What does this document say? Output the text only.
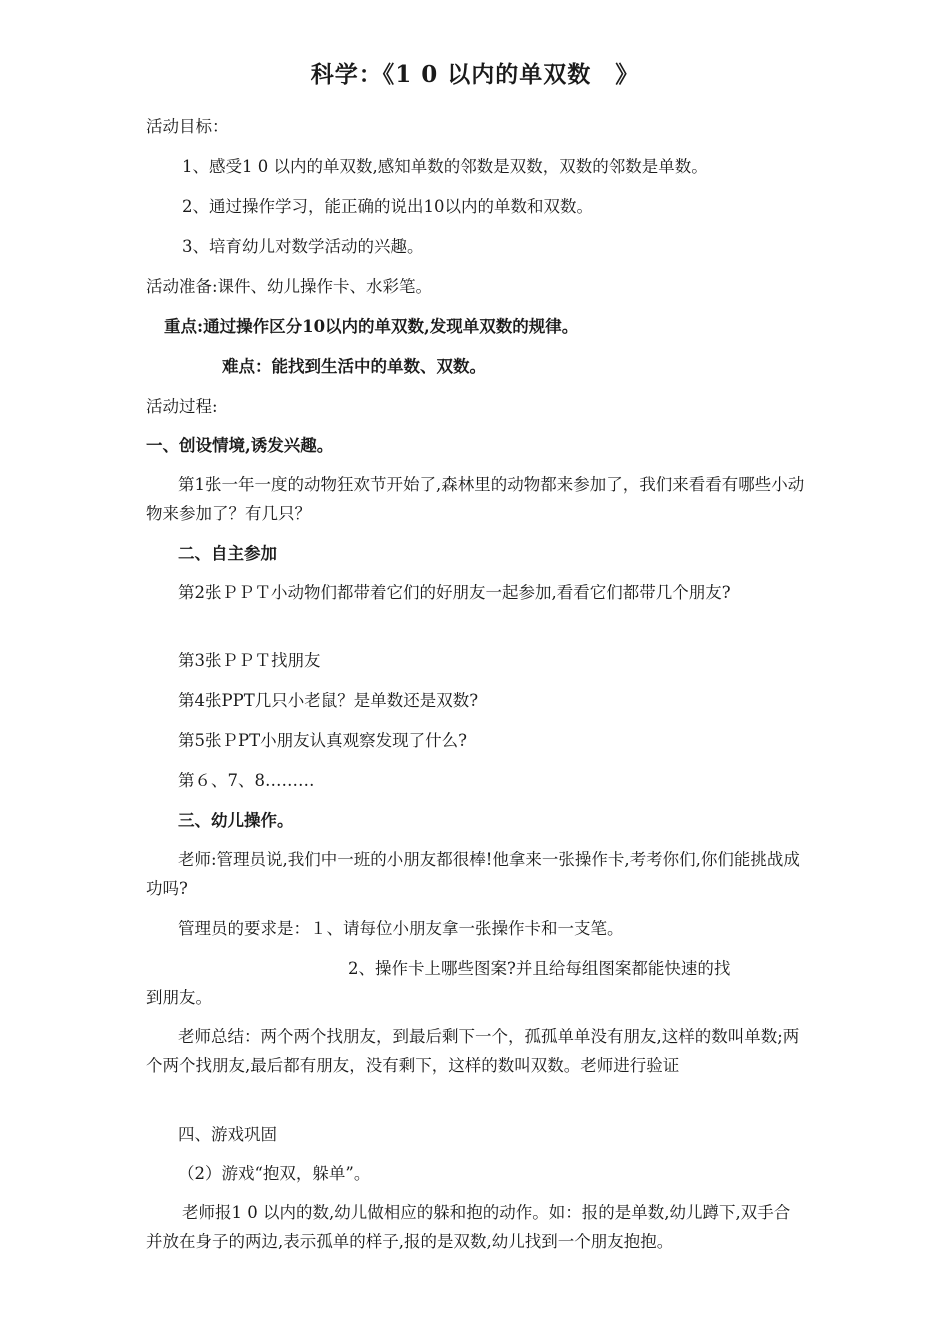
科学：《1 0 以内的单双数　》

活动目标：

1、感受1 0 以内的单双数,感知单数的邻数是双数，双数的邻数是单数。

2、通过操作学习，能正确的说出10以内的单数和双数。

3、培育幼儿对数学活动的兴趣。

活动准备:课件、幼儿操作卡、水彩笔。

重点:通过操作区分10以内的单双数,发现单双数的规律。

难点：能找到生活中的单数、双数。

活动过程:

一、创设情境,诱发兴趣。

第1张一年一度的动物狂欢节开始了,森林里的动物都来参加了，我们来看看有哪些小动物来参加了？有几只？

二、自主参加

第2张ＰＰＴ小动物们都带着它们的好朋友一起参加,看看它们都带几个朋友?

第3张ＰＰＴ找朋友

第4张PPT几只小老鼠？是单数还是双数?

第5张ＰPT小朋友认真观察发现了什么?

第６、7、8………

三、幼儿操作。

老师:管理员说,我们中一班的小朋友都很棒!他拿来一张操作卡,考考你们,你们能挑战成功吗?

管理员的要求是：１、请每位小朋友拿一张操作卡和一支笔。

2、操作卡上哪些图案?并且给每组图案都能快速的找

到朋友。

老师总结：两个两个找朋友，到最后剩下一个，孤孤单单没有朋友,这样的数叫单数;两个两个找朋友,最后都有朋友，没有剩下，这样的数叫双数。老师进行验证

四、游戏巩固

（2）游戏“抱双，躲单”。

老师报1 0 以内的数,幼儿做相应的躲和抱的动作。如：报的是单数,幼儿蹲下,双手合并放在身子的两边,表示孤单的样子,报的是双数,幼儿找到一个朋友抱抱。
